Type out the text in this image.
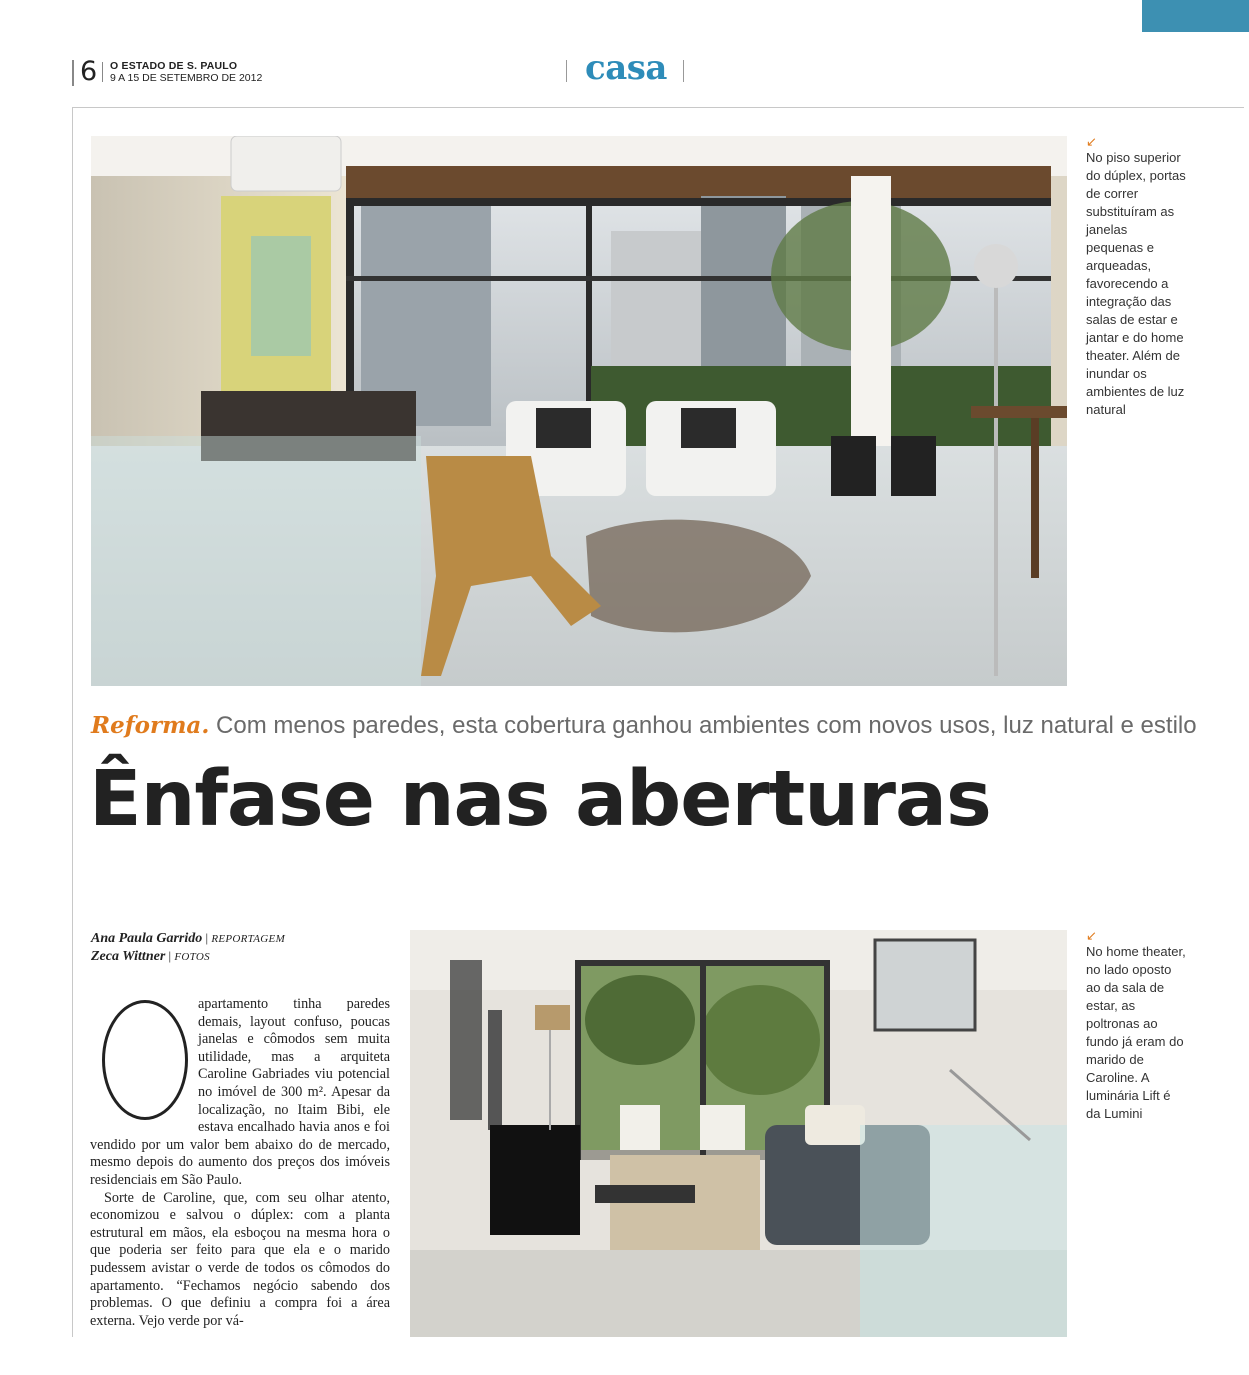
6 O ESTADO DE S. PAULO
9 A 15 DE SETEMBRO DE 2012	casa
↙
No piso superior do dúplex, portas de correr substituíram as janelas pequenas e arqueadas, favorecendo a integração das salas de estar e jantar e do home theater. Além de inundar os ambientes de luz natural
Reforma. Com menos paredes, esta cobertura ganhou ambientes com novos usos, luz natural e estilo
Ênfase nas aberturas
Ana Paula Garrido | REPORTAGEM
Zeca Wittner | FOTOS

apartamento tinha paredes demais, layout confuso, poucas janelas e cômodos sem muita utilidade, mas a arquiteta Caroline Gabriades viu potencial no imóvel de 300 m². Apesar da localização, no Itaim Bibi, ele estava encalhado havia anos e foi vendido por um valor bem abaixo do de mercado, mesmo depois do aumento dos preços dos imóveis residenciais em São Paulo.

Sorte de Caroline, que, com seu olhar atento, economizou e salvou o dúplex: com a planta estrutural em mãos, ela esboçou na mesma hora o que poderia ser feito para que ela e o marido pudessem avistar o verde de todos os cômodos do apartamento. “Fechamos negócio sabendo dos problemas. O que definiu a compra foi a área externa. Vejo verde por vá-

↙
No home theater, no lado oposto ao da sala de estar, as poltronas ao fundo já eram do marido de Caroline. A luminária Lift é da Lumini
